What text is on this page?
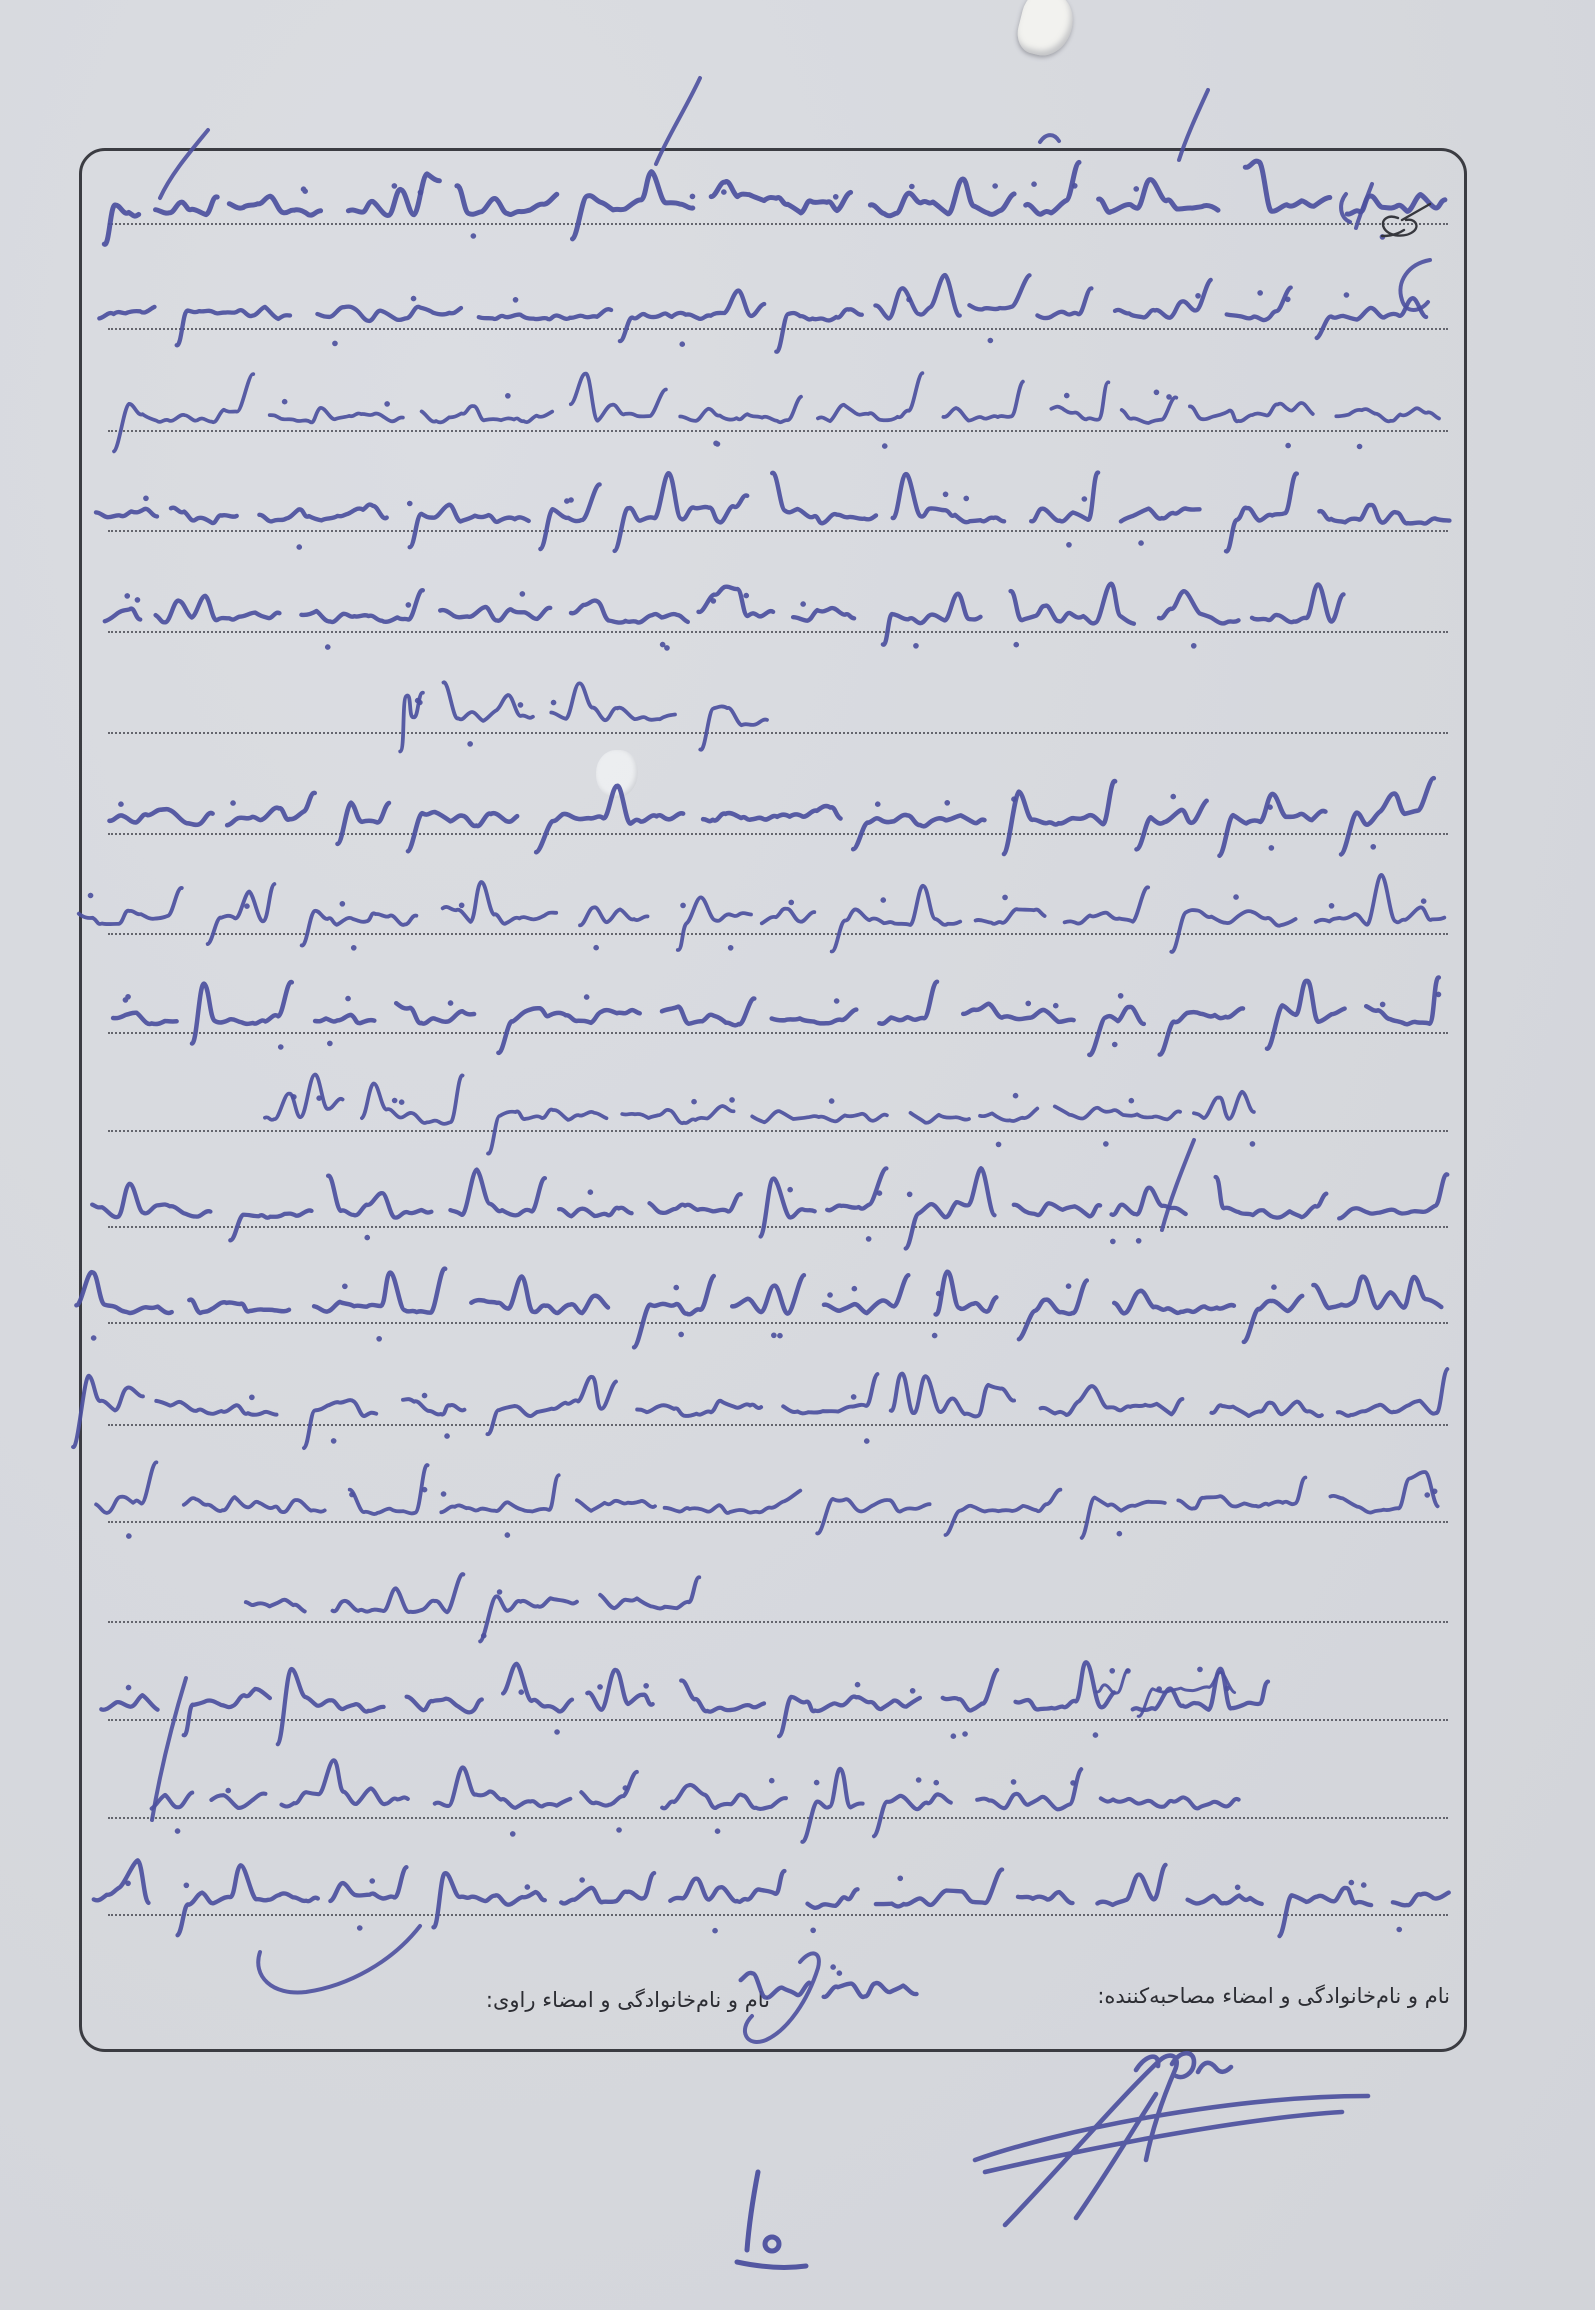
نام و نام‌خانوادگی و امضاء مصاحبه‌کننده:
نام و نام‌خانوادگی و امضاء راوی:
